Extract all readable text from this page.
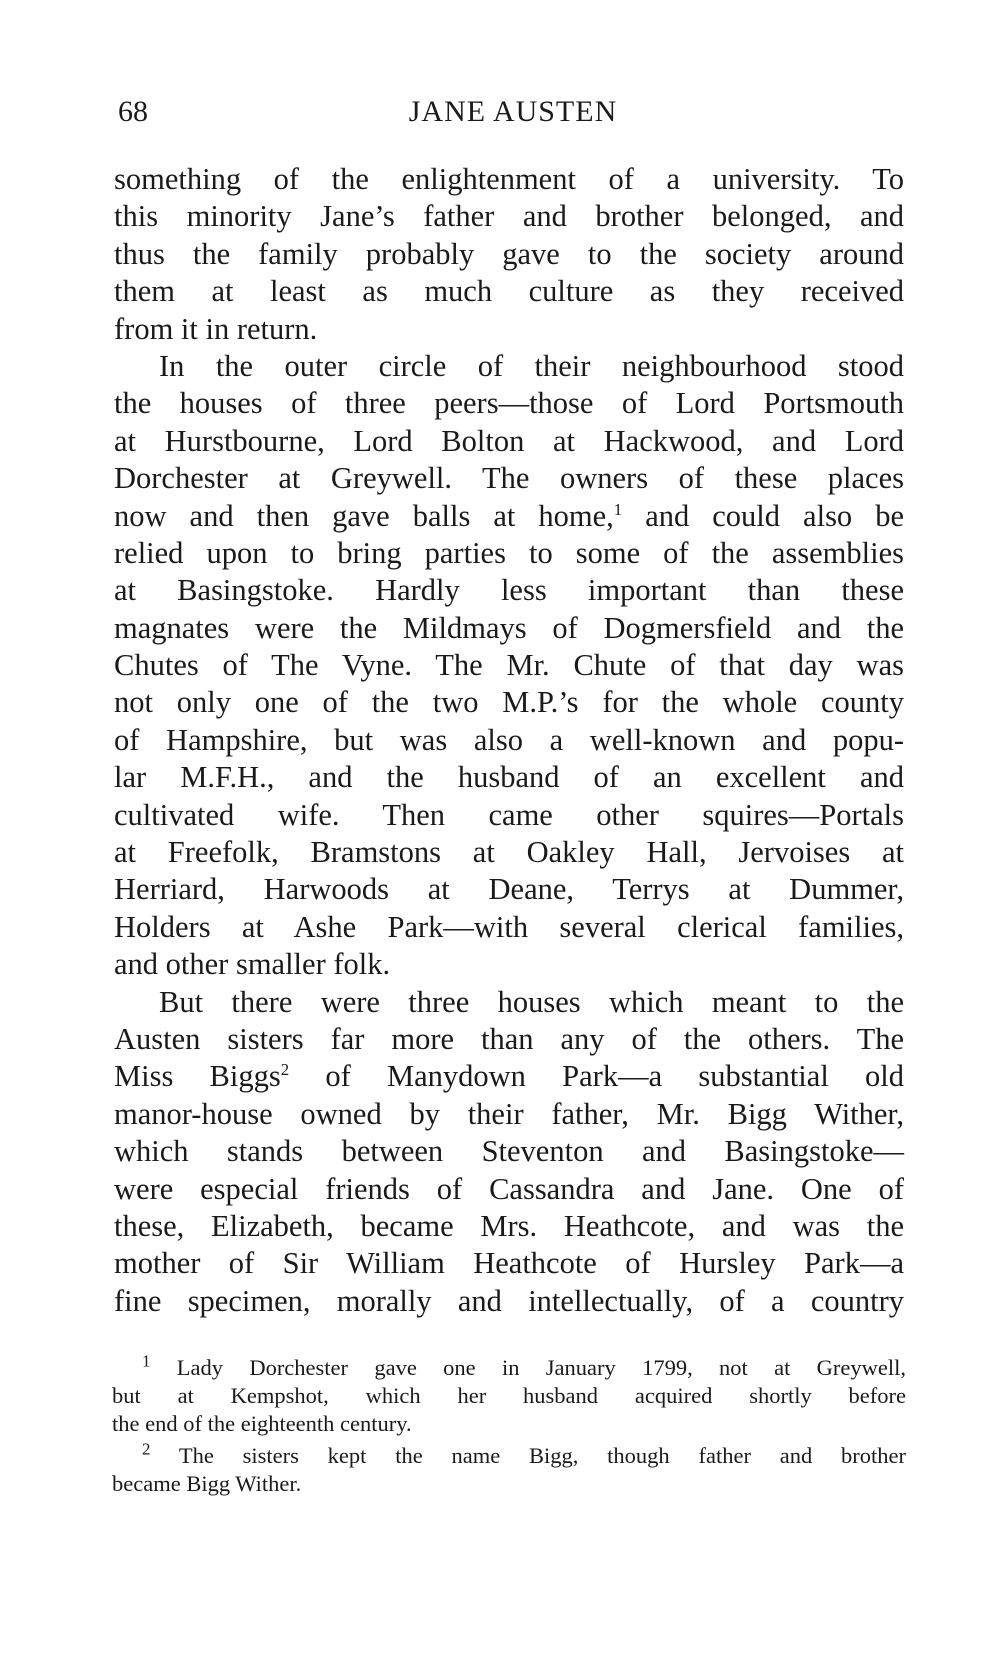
68	JANE AUSTEN
something of the enlightenment of a university. To
this minority Jane’s father and brother belonged, and
thus the family probably gave to the society around
them at least as much culture as they received
from it in return.
In the outer circle of their neighbourhood stood
the houses of three peers—those of Lord Portsmouth
at Hurstbourne, Lord Bolton at Hackwood, and Lord
Dorchester at Greywell. The owners of these places
now and then gave balls at home,$^1$ and could also be
relied upon to bring parties to some of the assemblies
at Basingstoke. Hardly less important than these
magnates were the Mildmays of Dogmersfield and the
Chutes of The Vyne. The Mr. Chute of that day was
not only one of the two M.P.’s for the whole county
of Hampshire, but was also a well-known and popu-
lar M.F.H., and the husband of an excellent and
cultivated wife. Then came other squires—Portals
at Freefolk, Bramstons at Oakley Hall, Jervoises at
Herriard, Harwoods at Deane, Terrys at Dummer,
Holders at Ashe Park—with several clerical families,
and other smaller folk.
But there were three houses which meant to the
Austen sisters far more than any of the others. The
Miss Biggs$^2$ of Manydown Park—a substantial old
manor-house owned by their father, Mr. Bigg Wither,
which stands between Steventon and Basingstoke—
were especial friends of Cassandra and Jane. One of
these, Elizabeth, became Mrs. Heathcote, and was the
mother of Sir William Heathcote of Hursley Park—a
fine specimen, morally and intellectually, of a country
$^1$ Lady Dorchester gave one in January 1799, not at Greywell,
but at Kempshot, which her husband acquired shortly before
the end of the eighteenth century.
$^2$ The sisters kept the name Bigg, though father and brother
became Bigg Wither.
